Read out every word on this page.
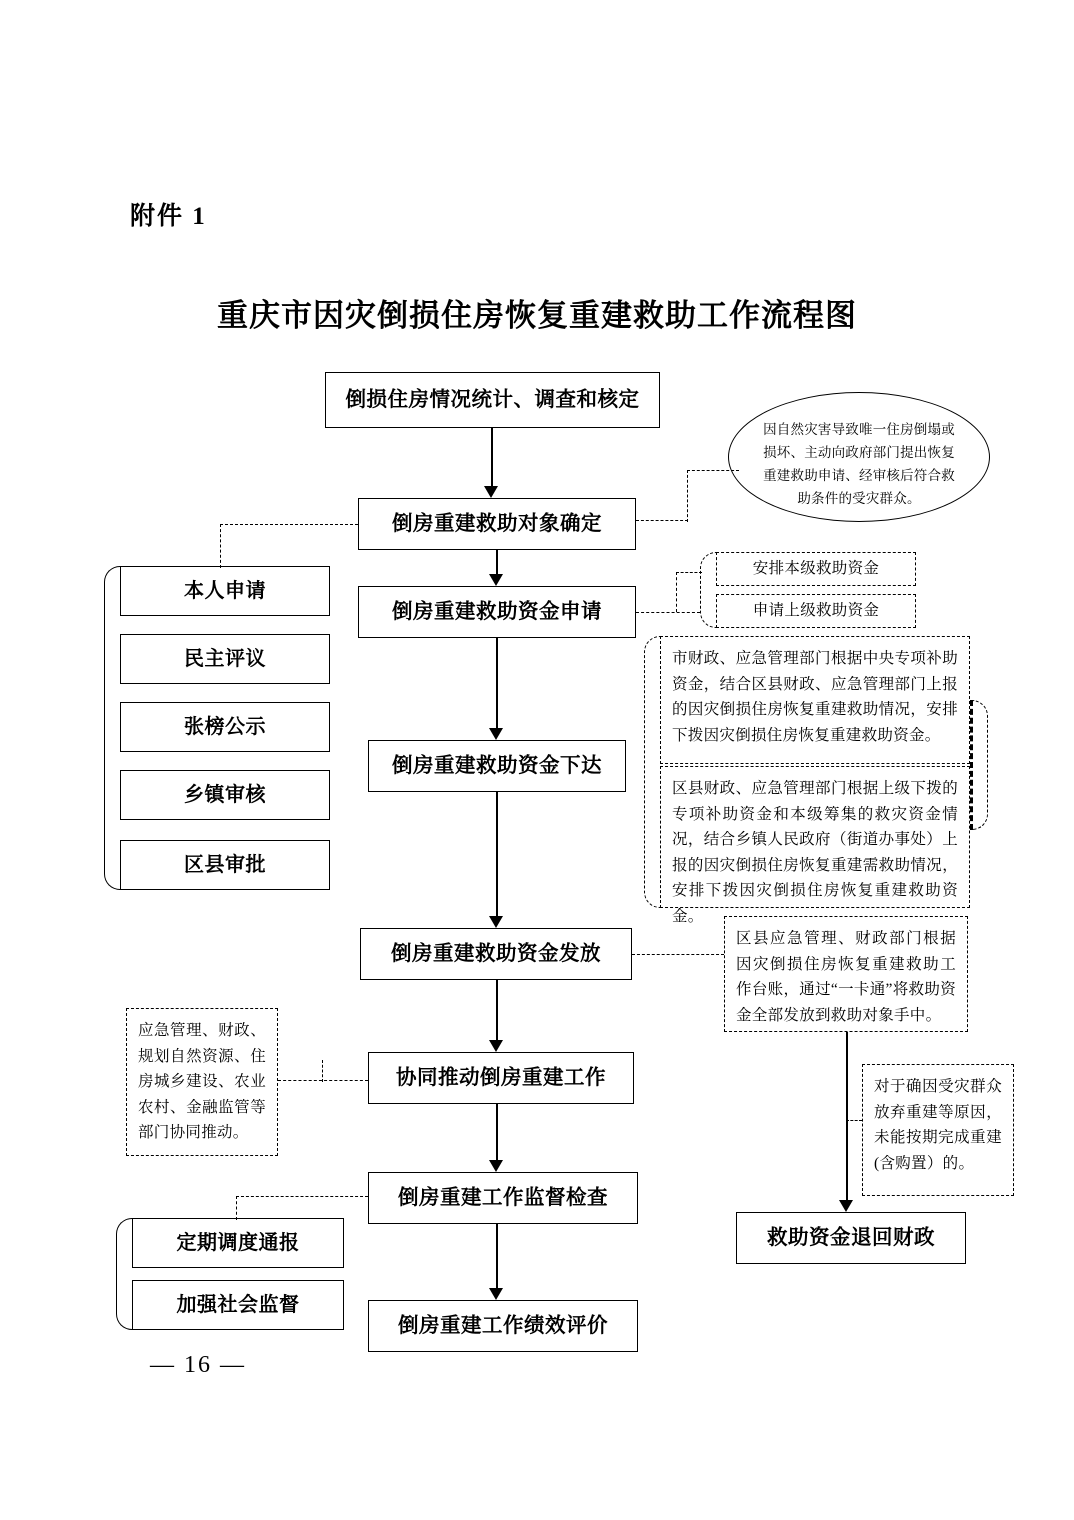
附件 1
重庆市因灾倒损住房恢复重建救助工作流程图
— 16 —
倒损住房情况统计、调查和核定
倒房重建救助对象确定
倒房重建救助资金申请
倒房重建救助资金下达
倒房重建救助资金发放
协同推动倒房重建工作
倒房重建工作监督检查
倒房重建工作绩效评价
本人申请
民主评议
张榜公示
乡镇审核
区县审批
因自然灾害导致唯一住房倒塌或损坏、主动向政府部门提出恢复重建救助申请、经审核后符合救助条件的受灾群众。
安排本级救助资金
申请上级救助资金
市财政、应急管理部门根据中央专项补助资金，结合区县财政、应急管理部门上报的因灾倒损住房恢复重建救助情况，安排下拨因灾倒损住房恢复重建救助资金。
区县财政、应急管理部门根据上级下拨的专项补助资金和本级筹集的救灾资金情况，结合乡镇人民政府（街道办事处）上报的因灾倒损住房恢复重建需救助情况，安排下拨因灾倒损住房恢复重建救助资金。
区县应急管理、财政部门根据因灾倒损住房恢复重建救助工作台账，通过“一卡通”将救助资金全部发放到救助对象手中。
对于确因受灾群众放弃重建等原因，未能按期完成重建(含购置）的。
救助资金退回财政
应急管理、财政、规划自然资源、住房城乡建设、农业农村、金融监管等部门协同推动。
定期调度通报
加强社会监督
